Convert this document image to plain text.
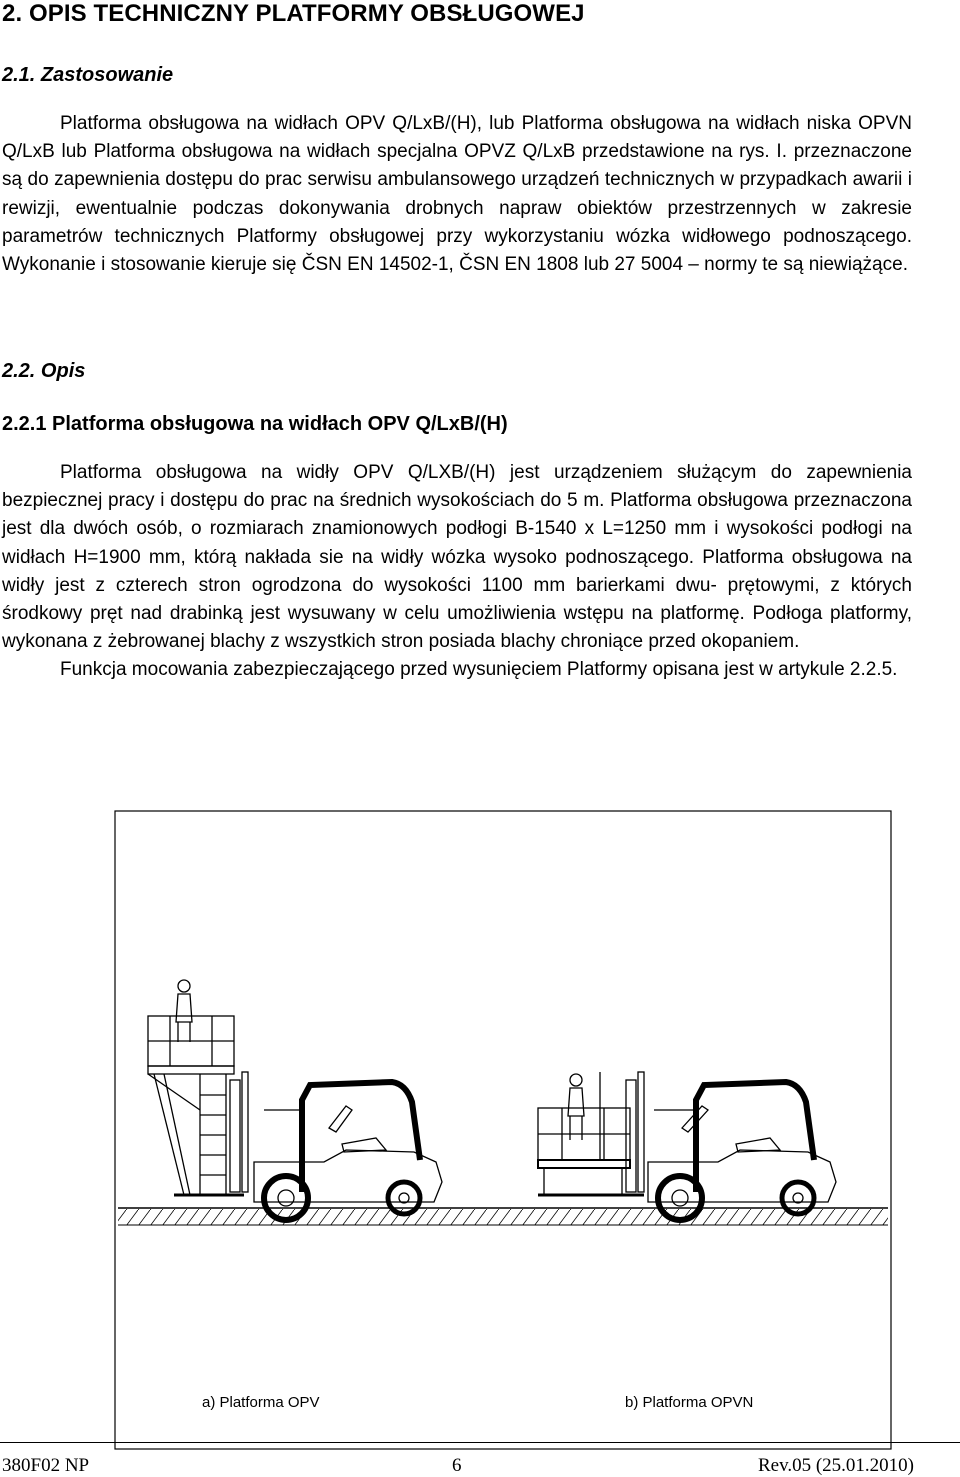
2. OPIS TECHNICZNY PLATFORMY OBSŁUGOWEJ
2.1. Zastosowanie

Platforma obsługowa na widłach OPV Q/LxB/(H), lub Platforma obsługowa na widłach niska OPVN Q/LxB lub Platforma obsługowa na widłach specjalna OPVZ Q/LxB przedstawione na rys. I. przeznaczone są do zapewnienia dostępu do prac serwisu ambulansowego urządzeń technicznych w przypadkach awarii i rewizji, ewentualnie podczas dokonywania drobnych napraw obiektów przestrzennych w zakresie parametrów technicznych Platformy obsługowej przy wykorzystaniu wózka widłowego podnoszącego. Wykonanie i stosowanie kieruje się ČSN EN 14502-1, ČSN EN 1808 lub 27 5004 – normy te są niewiążące.

2.2. Opis
2.2.1 Platforma obsługowa na widłach OPV Q/LxB/(H)

Platforma obsługowa na widły OPV Q/LXB/(H) jest urządzeniem służącym do zapewnienia bezpiecznej pracy i dostępu do prac na średnich wysokościach do 5 m. Platforma obsługowa przeznaczona jest dla dwóch osób, o rozmiarach znamionowych podłogi B-1540 x L=1250 mm i wysokości podłogi na widłach H=1900 mm, którą nakłada sie na widły wózka wysoko podnoszącego. Platforma obsługowa na widły jest z czterech stron ogrodzona do wysokości 1100 mm barierkami dwu- prętowymi, z których środkowy pręt nad drabinką jest wysuwany w celu umożliwienia wstępu na platformę. Podłoga platformy, wykonana z żebrowanej blachy z wszystkich stron posiada blachy chroniące przed okopaniem.

Funkcja mocowania zabezpieczającego przed wysunięciem Platformy opisana jest w artykule 2.2.5.

a) Platforma OPV	b) Platforma OPVN
380F02 NP	6	Rev.05 (25.01.2010)
